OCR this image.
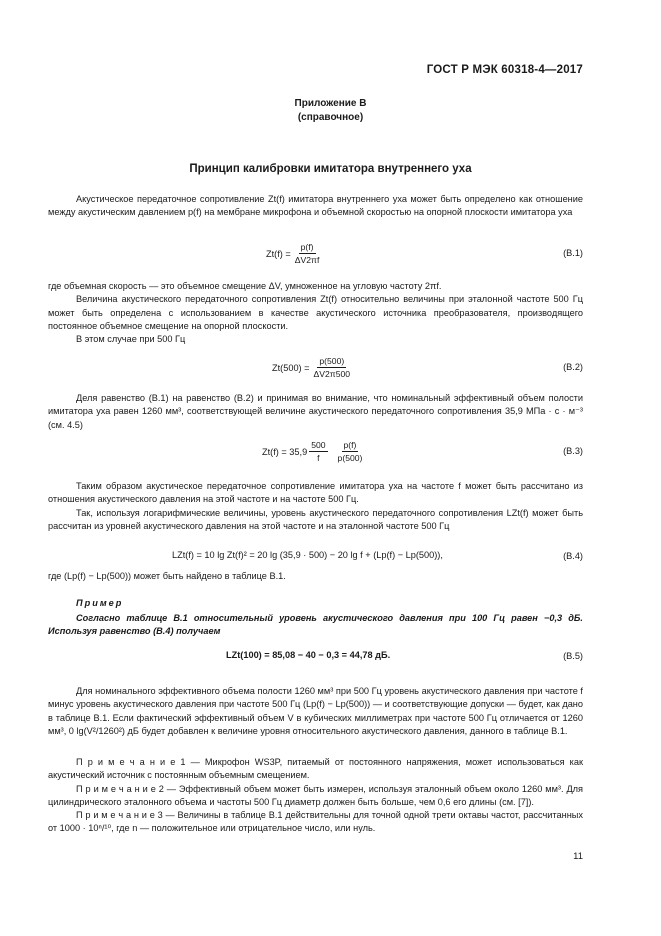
ГОСТ Р МЭК 60318-4—2017
Приложение В
(справочное)
Принцип калибровки имитатора внутреннего уха

Акустическое передаточное сопротивление Zt(f) имитатора внутреннего уха может быть определено как отношение между акустическим давлением p(f) на мембране микрофона и объемной скоростью на опорной плоскости имитатора уха

$Zt(f) = \frac{p(f)}{\Delta V2\pi f}$	(В.1)

где объемная скорость — это объемное смещение ΔV, умноженное на угловую частоту 2πf.

Величина акустического передаточного сопротивления Zt(f) относительно величины при эталонной частоте 500 Гц может быть определена с использованием в качестве акустического источника преобразователя, производящего постоянное объемное смещение на опорной плоскости.

В этом случае при 500 Гц

$Zt(500) = \frac{p(500)}{\Delta V2\pi 500}$	(В.2)

Деля равенство (В.1) на равенство (В.2) и принимая во внимание, что номинальный эффективный объем полости имитатора уха равен 1260 мм³, соответствующей величине акустического передаточного сопротивления 35,9 МПа · с · м⁻³ (см. 4.5)

$Zt(f) = 35,9 \frac{500}{f} \frac{p(f)}{p(500)}$	(В.3)

Таким образом акустическое передаточное сопротивление имитатора уха на частоте f может быть рассчитано из отношения акустического давления на этой частоте и на частоте 500 Гц.

Так, используя логарифмические величины, уровень акустического передаточного сопротивления LZt(f) может быть рассчитан из уровней акустического давления на этой частоте и на эталонной частоте 500 Гц

LZt(f) = 10 lg Zt(f)² = 20 lg (35,9 · 500) − 20 lg f + (Lp(f) − Lp(500)),	(В.4)

где (Lp(f) − Lp(500)) может быть найдено в таблице В.1.

Пример

Согласно таблице В.1 относительный уровень акустического давления при 100 Гц равен −0,3 дБ. Используя равенство (В.4) получаем

LZt(100) = 85,08 − 40 − 0,3 = 44,78 дБ.	(В.5)

Для номинального эффективного объема полости 1260 мм³ при 500 Гц уровень акустического давления при частоте f минус уровень акустического давления при частоте 500 Гц (Lp(f) − Lp(500)) — и соответствующие допуски — будет, как дано в таблице В.1. Если фактический эффективный объем V в кубических миллиметрах при частоте 500 Гц отличается от 1260 мм³, 0 lg(V²/1260²) дБ будет добавлен к величине уровня относительного акустического давления, данного в таблице В.1.

П р и м е ч а н и е 1 — Микрофон WS3P, питаемый от постоянного напряжения, может использоваться как акустический источник с постоянным объемным смещением.

П р и м е ч а н и е 2 — Эффективный объем может быть измерен, используя эталонный объем около 1260 мм³. Для цилиндрического эталонного объема и частоты 500 Гц диаметр должен быть больше, чем 0,6 его длины (см. [7]).

П р и м е ч а н и е 3 — Величины в таблице В.1 действительны для точной одной трети октавы частот, рассчитанных от 1000 · 10ⁿ/¹⁰, где n — положительное или отрицательное число, или нуль.

11
